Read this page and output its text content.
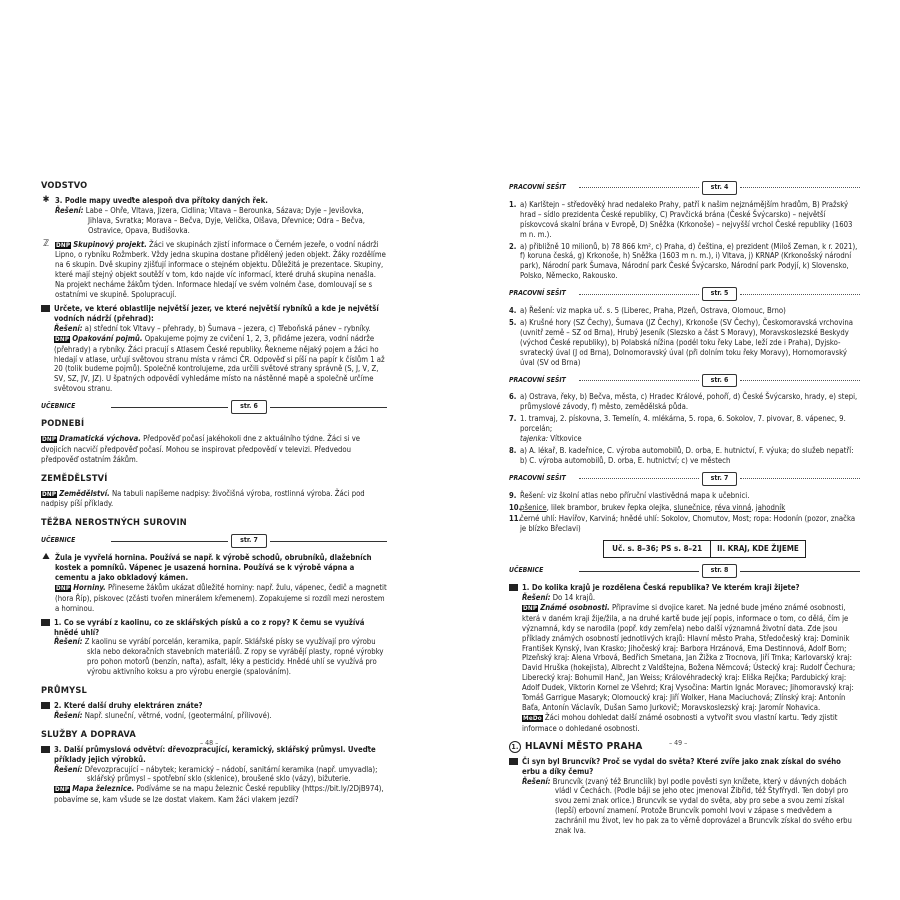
VODSTVO
✱ 3. Podle mapy uveďte alespoň dva přítoky daných řek.
Řešení: Labe – Ohře, Vltava, Jizera, Cidlina; Vltava – Berounka, Sázava; Dyje – Jevišovka, Jihlava, Svratka; Morava – Bečva, Dyje, Velička, Olšava, Dřevnice; Odra – Bečva, Ostravice, Opava, Budišovka.
ℤ	DNP Skupinový projekt. Žáci ve skupinách zjistí informace o Černém jezeře, o vodní nádrži Lipno, o rybníku Rožmberk. Vždy jedna skupina dostane přidělený jeden objekt. Žáky rozdělíme na 6 skupin. Dvě skupiny zjišťují informace o stejném objektu. Důležitá je prezentace. Skupiny, které mají stejný objekt soutěží v tom, kdo najde víc informací, které druhá skupina nenašla. Na projekt necháme žákům týden. Informace hledají ve svém volném čase, domlouvají se s ostatními ve skupině. Spolupracují.
Určete, ve které oblastlije největší jezer, ve které největší rybníků a kde je největší vodních nádrží (přehrad):
Řešení: a) střední tok Vltavy – přehrady, b) Šumava – jezera, c) Třeboňská pánev – rybníky.
DNP Opakování pojmů. Opakujeme pojmy ze cvičení 1, 2, 3, přidáme jezera, vodní nádrže (přehrady) a rybníky. Žáci pracují s Atlasem České republiky. Řekneme nějaký pojem a žáci ho hledají v atlase, určují světovou stranu místa v rámci ČR. Odpověď si píší na papír k číslům 1 až 20 (tolik budeme pojmů). Společně kontrolujeme, zda určili světové strany správně (S, J, V, Z, SV, SZ, JV, JZ). U špatných odpovědí vyhledáme místo na nástěnné mapě a společně určíme světovou stranu.
UČEBNICE	str. 6
PODNEBÍ
DNP Dramatická výchova. Předpověď počasí jakéhokoli dne z aktuálního týdne. Žáci si ve dvojicích nacvičí předpověď počasí. Mohou se inspirovat předpovědí v televizi. Předvedou předpověď ostatním žákům.
ZEMĚDĚLSTVÍ
DNP Zemědělství. Na tabuli napíšeme nadpisy: živočišná výroba, rostlinná výroba. Žáci pod nadpisy píší příklady.
TĚŽBA NEROSTNÝCH SUROVIN
UČEBNICE	str. 7
⛰ Žula je vyvřelá hornina. Používá se např. k výrobě schodů, obrubníků, dlažebních kostek a pomníků. Vápenec je usazená hornina. Používá se k výrobě vápna a cementu a jako obkladový kámen.
DNP Horniny. Přineseme žákům ukázat důležité horniny: např. žulu, vápenec, čedič a magnetit (hora Říp), pískovec (zčásti tvořen minerálem křemenem). Zopakujeme si rozdíl mezi nerostem a horninou.
1. Co se vyrábí z kaolinu, co ze sklářských písků a co z ropy? K čemu se využívá hnědé uhlí?
Řešení: Z kaolinu se vyrábí porcelán, keramika, papír. Sklářské písky se využívají pro výrobu skla nebo dekoračních stavebních materiálů. Z ropy se vyrábějí plasty, ropné výrobky pro pohon motorů (benzín, nafta), asfalt, léky a pesticidy. Hnědé uhlí se využívá pro výrobu aktivního koksu a pro výrobu energie (spalováním).
PRŮMYSL
2. Které další druhy elektráren znáte?
Řešení: Např. sluneční, větrné, vodní, (geotermální, přílivové).
SLUŽBY A DOPRAVA
3. Další průmyslová odvětví: dřevozpracující, keramický, sklářský průmysl. Uveďte příklady jejich výrobků.
Řešení: Dřevozpracující – nábytek; keramický – nádobí, sanitární keramika (např. umyvadla); sklářský průmysl – spotřební sklo (sklenice), broušené sklo (vázy), bižuterie.
DNP Mapa železnice. Podíváme se na mapu železnic České republiky (https://bit.ly/2DjB974), pobavíme se, kam všude se lze dostat vlakem. Kam žáci vlakem jezdí?
– 48 –
PRACOVNÍ SEŠIT	str. 4
1. a) Karlštejn – středověký hrad nedaleko Prahy, patří k našim nejznámějším hradům, B) Pražský hrad – sídlo prezidenta České republiky, C) Pravčická brána (České Švýcarsko) – největší pískovcová skalní brána v Evropě, D) Sněžka (Krkonoše) – nejvyšší vrchol České republiky (1603 m n. m.).
2. a) přibližně 10 milionů, b) 78 866 km², c) Praha, d) čeština, e) prezident (Miloš Zeman, k r. 2021), f) koruna česká, g) Krkonoše, h) Sněžka (1603 m n. m.), i) Vltava, j) KRNAP (Krkonošský národní park), Národní park Šumava, Národní park České Švýcarsko, Národní park Podyjí, k) Slovensko, Polsko, Německo, Rakousko.
PRACOVNÍ SEŠIT	str. 5
4. a) Řešení: viz mapka uč. s. 5 (Liberec, Praha, Plzeň, Ostrava, Olomouc, Brno)
5. a) Krušné hory (SZ Čechy), Šumava (JZ Čechy), Krkonoše (SV Čechy), Českomoravská vrchovina (uvnitř země – SZ od Brna), Hrubý Jeseník (Slezsko a část S Moravy), Moravskoslezské Beskydy (východ České republiky), b) Polabská nížina (podél toku řeky Labe, leží zde i Praha), Dyjsko-svratecký úval (J od Brna), Dolnomoravský úval (při dolním toku řeky Moravy), Hornomoravský úval (SV od Brna)
PRACOVNÍ SEŠIT	str. 6
6. a) Ostrava, řeky, b) Bečva, města, c) Hradec Králové, pohoří, d) České Švýcarsko, hrady, e) stepi, průmyslové závody, f) město, zemědělská půda.
7. 1. tramvaj, 2. pískovna, 3. Temelín, 4. mlékárna, 5. ropa, 6. Sokolov, 7. pivovar, 8. vápenec, 9. porcelán;
tajenka: Vítkovice
8. a) A. lékař, B. kadeřnice, C. výroba automobilů, D. orba, E. hutnictví, F. výuka; do služeb nepatří: b) C. výroba automobilů, D. orba, E. hutnictví; c) ve městech
PRACOVNÍ SEŠIT	str. 7
9. Řešení: viz školní atlas nebo příruční vlastivědná mapa k učebnici.
10.
pšenice, lilek brambor, brukev řepka olejka, slunečnice, réva vinná, jahodník
11.
černé uhlí: Havířov, Karviná; hnědé uhlí: Sokolov, Chomutov, Most; ropa: Hodonín (pozor, značka je blízko Břeclavi)
Uč. s. 8–36; PS s. 8–21	II. KRAJ, KDE ŽIJEME
UČEBNICE	str. 8
1. Do kolika krajů je rozdělena Česká republika? Ve kterém kraji žijete?
Řešení: Do 14 krajů.
DNP Známé osobnosti. Připravíme si dvojice karet. Na jedné bude jméno známé osobnosti, která v daném kraji žije/žila, a na druhé kartě bude její popis, informace o tom, co dělá, čím je významná, kdy se narodila (popř. kdy zemřela) nebo další významná životní data. Zde jsou příklady známých osobností jednotlivých krajů: Hlavní město Praha, Středočeský kraj: Dominik František Kynský, Ivan Krasko; Jihočeský kraj: Barbora Hrzánová, Ema Destinnová, Adolf Born; Plzeňský kraj: Alena Vrbová, Bedřich Smetana, Jan Žižka z Trocnova, Jiří Trnka; Karlovarský kraj: David Hruška (hokejista), Albrecht z Valdštejna, Božena Němcová; Ústecký kraj: Rudolf Čechura; Liberecký kraj: Bohumil Hanč, Jan Weiss; Královéhradecký kraj: Eliška Rejčka; Pardubický kraj: Adolf Dudek, Viktorin Kornel ze Všehrd; Kraj Vysočina: Martin Ignác Moravec; Jihomoravský kraj: Tomáš Garrigue Masaryk; Olomoucký kraj: Jiří Wolker, Hana Maciuchová; Zlínský kraj: Antonín Baťa, Antonín Václavík, Dušan Samo Jurkovič; Moravskoslezský kraj: Jaromír Nohavica.
MeDo Žáci mohou dohledat další známé osobnosti a vytvořit svou vlastní kartu. Tedy zjistit informace o dohledané osobnosti.
1. HLAVNÍ MĚSTO PRAHA
Či syn byl Bruncvík? Proč se vydal do světa? Které zvíře jako znak získal do svého erbu a díky čemu?
Řešení: Bruncvík (zvaný též Bruncliík) byl podle pověsti syn knížete, který v dávných dobách vládl v Čechách. (Podle báji se jeho otec jmenoval Žibřid, též Štyfřrydl. Ten dobyl pro svou zemi znak orlice.) Bruncvík se vydal do světa, aby pro sebe a svou zemi získal (lepší) erbovní znamení. Protože Bruncvík pomohl lvovi v zápase s medvědem a zachránil mu život, lev ho pak za to věrně doprovázel a Bruncvík získal do svého erbu znak lva.
– 49 –
